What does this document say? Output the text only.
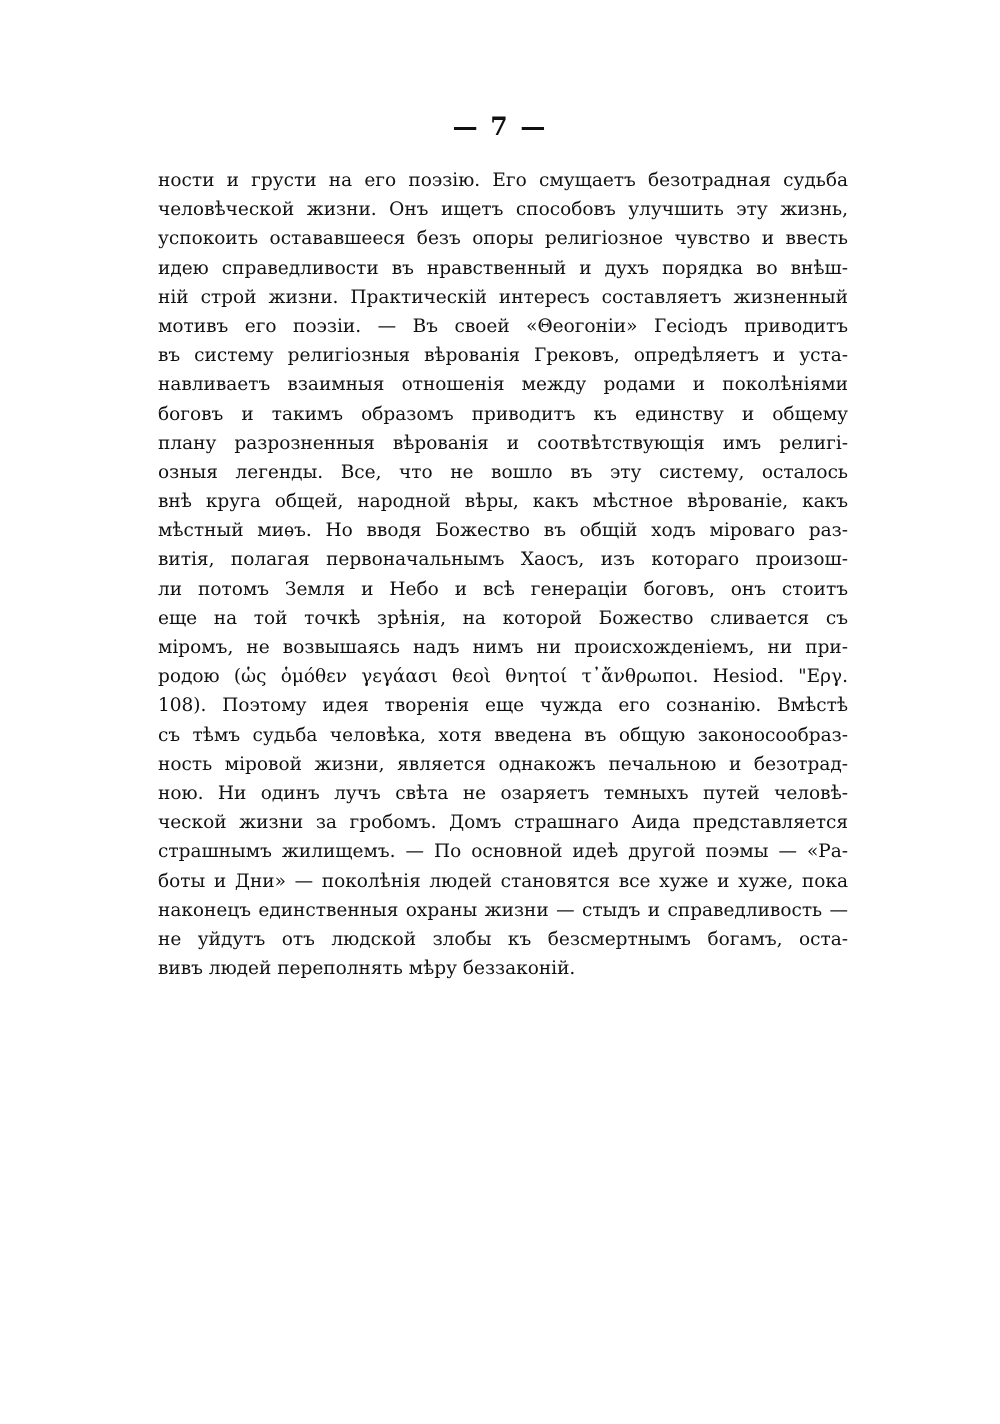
— 7 —
ности и грусти на его поэзію. Его смущаетъ безотрадная судьба
человѣческой жизни. Онъ ищетъ способовъ улучшить эту жизнь,
успокоить остававшееся безъ опоры религіозное чувство и ввесть
идею справедливости въ нравственный и духъ порядка во внѣш-
ній строй жизни. Практическій интересъ составляетъ жизненный
мотивъ его поэзіи. — Въ своей «Θеогоніи» Гесіодъ приводитъ
въ систему религіозныя вѣрованія Грековъ, опредѣляетъ и уста-
навливаетъ взаимныя отношенія между родами и поколѣніями
боговъ и такимъ образомъ приводитъ къ единству и общему
плану разрозненныя вѣрованія и соотвѣтствующія имъ религі-
озныя легенды. Все, что не вошло въ эту систему, осталось
внѣ круга общей, народной вѣры, какъ мѣстное вѣрованіе, какъ
мѣстный миѳъ. Но вводя Божество въ общій ходъ міроваго раз-
витія, полагая первоначальнымъ Хаосъ, изъ котораго произош-
ли потомъ Земля и Небо и всѣ генераціи боговъ, онъ стоитъ
еще на той точкѣ зрѣнія, на которой Божество сливается съ
міромъ, не возвышаясь надъ нимъ ни происхожденіемъ, ни при-
родою (ὡς ὁμόθεν γεγάασι θεοὶ θνητοί τ᾽ἄνθρωποι. Hesiod. "Εργ.
108). Поэтому идея творенія еще чужда его сознанію. Вмѣстѣ
съ тѣмъ судьба человѣка, хотя введена въ общую законосообраз-
ность міровой жизни, является однакожъ печальною и безотрад-
ною. Ни одинъ лучъ свѣта не озаряетъ темныхъ путей человѣ-
ческой жизни за гробомъ. Домъ страшнаго Аида представляется
страшнымъ жилищемъ. — По основной идеѣ другой поэмы — «Ра-
боты и Дни» — поколѣнія людей становятся все хуже и хуже, пока
наконецъ единственныя охраны жизни — стыдъ и справедливость —
не уйдутъ отъ людской злобы къ безсмертнымъ богамъ, оста-
вивъ людей переполнять мѣру беззаконій.
